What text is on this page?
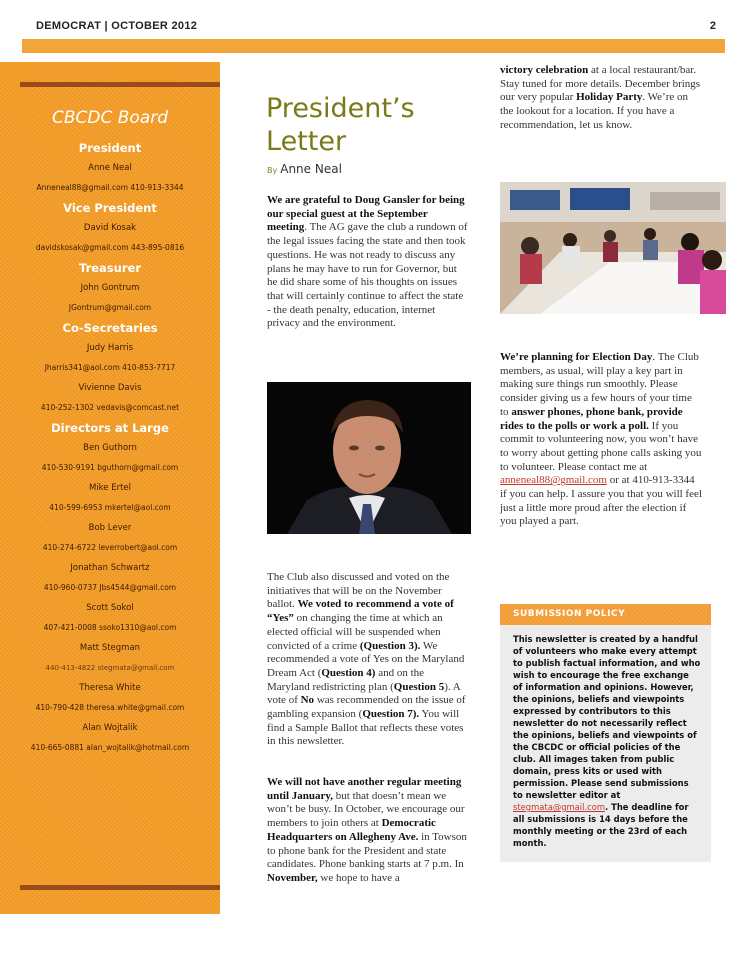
DEMOCRAT | OCTOBER 2012	2
CBCDC Board
President
Anne Neal
Anneneal88@gmail.com 410-913-3344
Vice President
David Kosak
davidskosak@gmail.com 443-895-0816
Treasurer
John Gontrum
JGontrum@gmail.com
Co-Secretaries
Judy Harris
Jharris341@aol.com 410-853-7717
Vivienne Davis
410-252-1302 vedavis@comcast.net
Directors at Large
Ben Guthorn
410-530-9191 bguthorn@gmail.com
Mike Ertel
410-599-6953 mkertel@aol.com
Bob Lever
410-274-6722 leverrobert@aol.com
Jonathan Schwartz
410-960-0737 Jbs4544@gmail.com
Scott Sokol
407-421-0008 ssoko1310@aol.com
Matt Stegman
440-413-4822 stegmata@gmail.com
Theresa White
410-790-428 theresa.white@gmail.com
Alan Wojtalik
410-665-0881 alan_wojtalik@hotmail.com
President’s Letter
By Anne Neal

We are grateful to Doug Gansler for being our special guest at the September meeting. The AG gave the club a rundown of the legal issues facing the state and then took questions. He was not ready to discuss any plans he may have to run for Governor, but he did share some of his thoughts on issues that will certainly continue to affect the state - the death penalty, education, internet privacy and the environment.

The Club also discussed and voted on the initiatives that will be on the November ballot. We voted to recommend a vote of “Yes” on changing the time at which an elected official will be suspended when convicted of a crime (Question 3). We recommended a vote of Yes on the Maryland Dream Act (Question 4) and on the Maryland redistricting plan (Question 5). A vote of No was recommended on the issue of gambling expansion (Question 7). You will find a Sample Ballot that reflects these votes in this newsletter.

We will not have another regular meeting until January, but that doesn’t mean we won’t be busy. In October, we encourage our members to join others at Democratic Headquarters on Allegheny Ave. in Towson to phone bank for the President and state candidates. Phone banking starts at 7 p.m. In November, we hope to have a

victory celebration at a local restaurant/bar. Stay tuned for more details. December brings our very popular Holiday Party. We’re on the lookout for a location. If you have a recommendation, let us know.

We’re planning for Election Day. The Club members, as usual, will play a key part in making sure things run smoothly. Please consider giving us a few hours of your time to answer phones, phone bank, provide rides to the polls or work a poll. If you commit to volunteering now, you won’t have to worry about getting phone calls asking you to volunteer. Please contact me at anneneal88@gmail.com or at 410-913-3344 if you can help. I assure you that you will feel just a little more proud after the election if you played a part.

SUBMISSION POLICY
This newsletter is created by a handful of volunteers who make every attempt to publish factual information, and who wish to encourage the free exchange of information and opinions. However, the opinions, beliefs and viewpoints expressed by contributors to this newsletter do not necessarily reflect the opinions, beliefs and viewpoints of the CBCDC or official policies of the club. All images taken from public domain, press kits or used with permission. Please send submissions to newsletter editor at stegmata@gmail.com. The deadline for all submissions is 14 days before the monthly meeting or the 23rd of each month.
